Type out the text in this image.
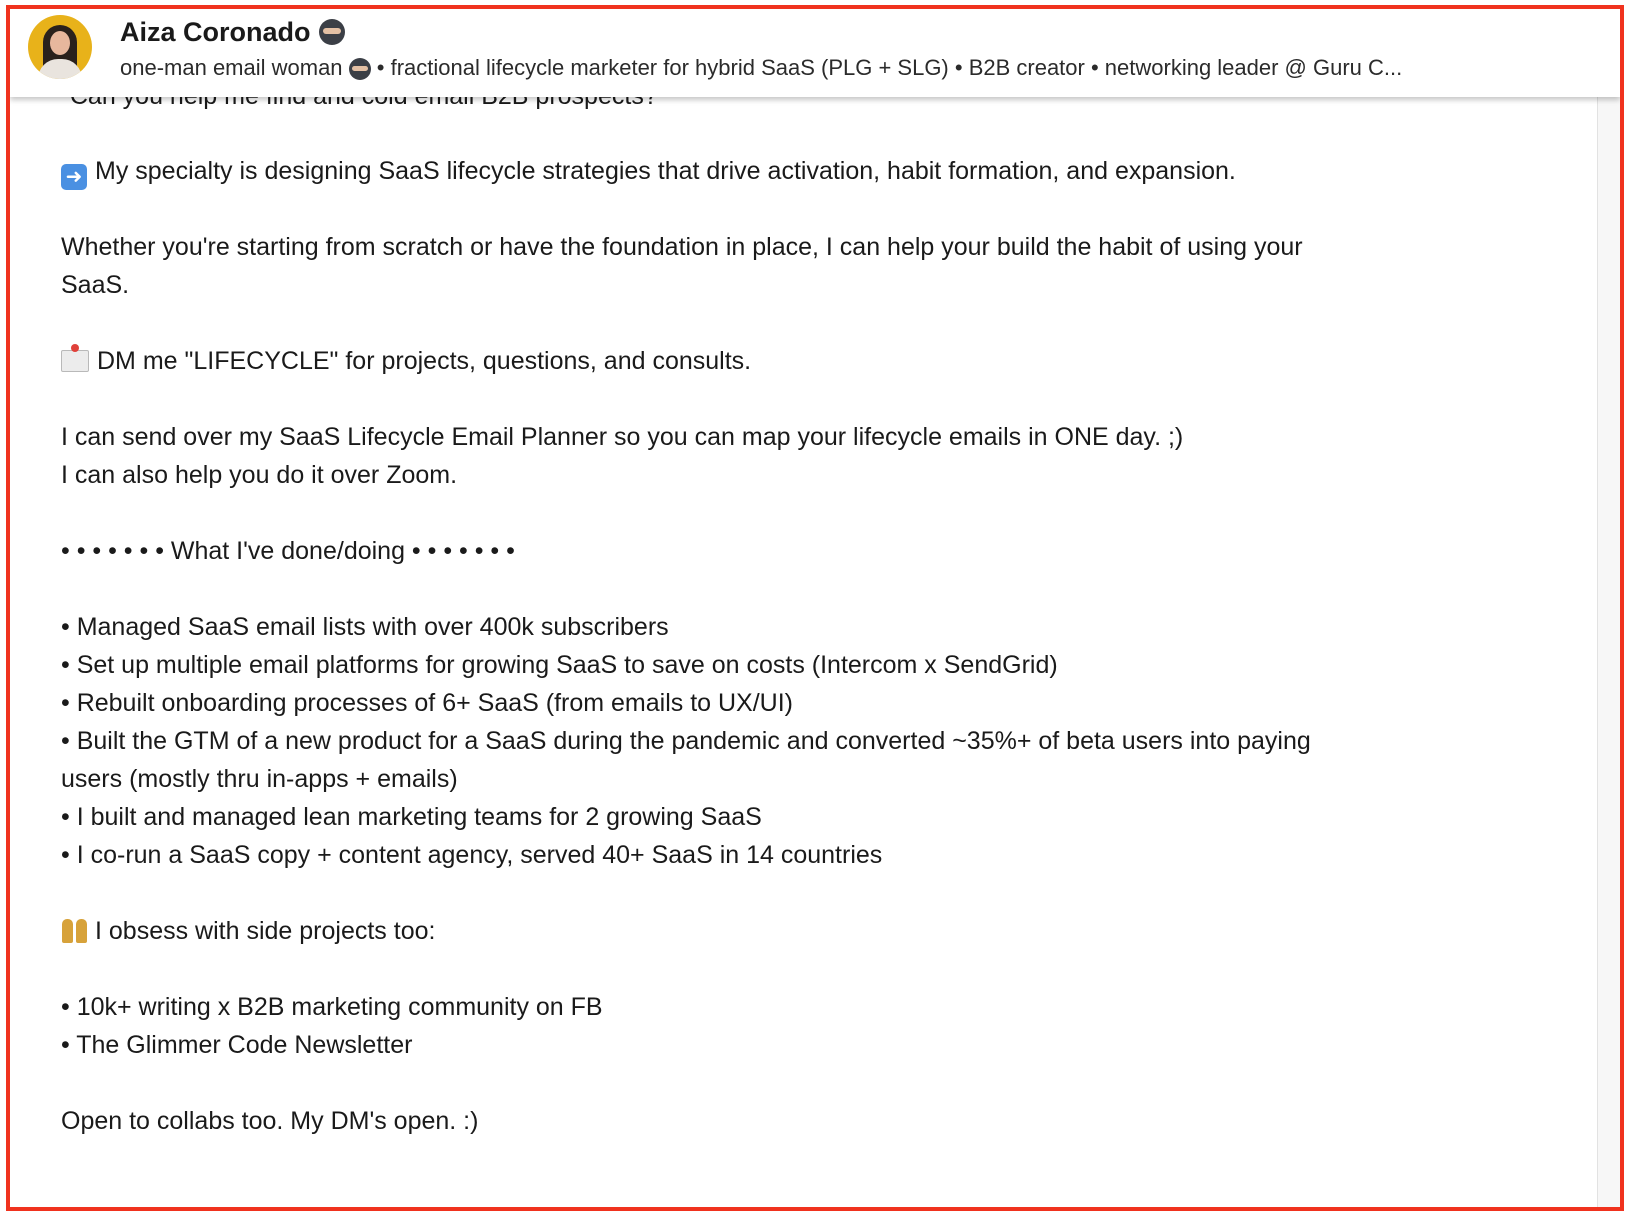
➜ My specialty is designing SaaS lifecycle strategies that drive activation, habit formation, and expansion.
Whether you're starting from scratch or have the foundation in place, I can help your build the habit of using your
SaaS.
DM me "LIFECYCLE" for projects, questions, and consults.
I can send over my SaaS Lifecycle Email Planner so you can map your lifecycle emails in ONE day. ;)
I can also help you do it over Zoom.
• • • • • • • What I've done/doing • • • • • • •
• Managed SaaS email lists with over 400k subscribers
• Set up multiple email platforms for growing SaaS to save on costs (Intercom x SendGrid)
• Rebuilt onboarding processes of 6+ SaaS (from emails to UX/UI)
• Built the GTM of a new product for a SaaS during the pandemic and converted ~35%+ of beta users into paying
users (mostly thru in-apps + emails)
• I built and managed lean marketing teams for 2 growing SaaS
• I co-run a SaaS copy + content agency, served 40+ SaaS in 14 countries
I obsess with side projects too:
• 10k+ writing x B2B marketing community on FB
• The Glimmer Code Newsletter
Open to collabs too. My DM's open. :)
Aiza Coronado
one-man email woman  • fractional lifecycle marketer for hybrid SaaS (PLG + SLG) • B2B creator • networking leader @ Guru C...
